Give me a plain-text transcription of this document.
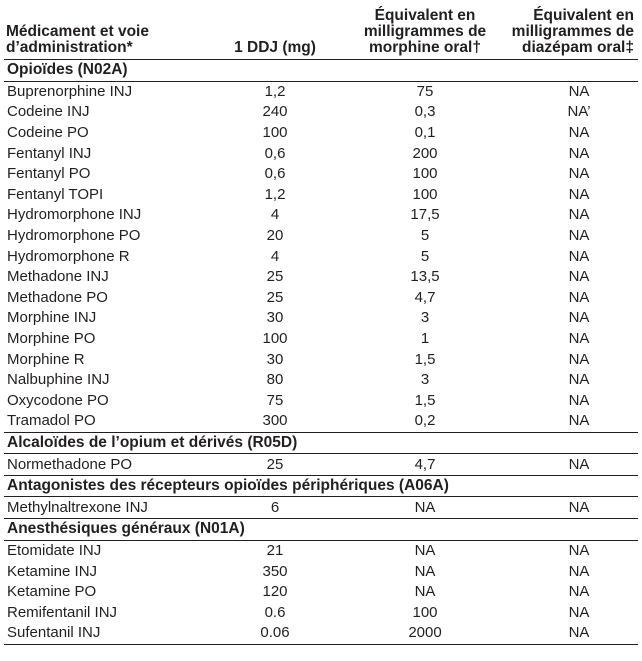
Médicament et voie d’administration*	1 DDJ (mg)	Équivalent en milligrammes de morphine oral†	Équivalent en milligrammes de diazépam oral‡
Opioïdes (N02A)			
Buprenorphine INJ	1,2	75	NA
Codeine INJ	240	0,3	NA’
Codeine PO	100	0,1	NA
Fentanyl INJ	0,6	200	NA
Fentanyl PO	0,6	100	NA
Fentanyl TOPI	1,2	100	NA
Hydromorphone INJ	4	17,5	NA
Hydromorphone PO	20	5	NA
Hydromorphone R	4	5	NA
Methadone INJ	25	13,5	NA
Methadone PO	25	4,7	NA
Morphine INJ	30	3	NA
Morphine PO	100	1	NA
Morphine R	30	1,5	NA
Nalbuphine INJ	80	3	NA
Oxycodone PO	75	1,5	NA
Tramadol PO	300	0,2	NA
Alcaloïdes de l’opium et dérivés (R05D)			
Normethadone PO	25	4,7	NA
Antagonistes des récepteurs opioïdes périphériques (A06A)			
Methylnaltrexone INJ	6	NA	NA
Anesthésiques généraux (N01A)			
Etomidate INJ	21	NA	NA
Ketamine INJ	350	NA	NA
Ketamine PO	120	NA	NA
Remifentanil INJ	0.6	100	NA
Sufentanil INJ	0.06	2000	NA
